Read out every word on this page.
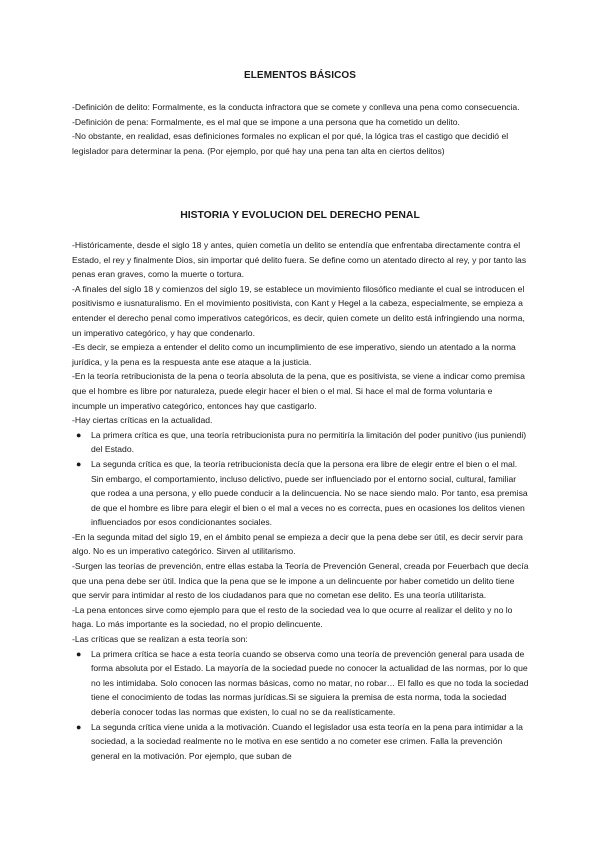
ELEMENTOS BÁSICOS

-Definición de delito: Formalmente, es la conducta infractora que se comete y conlleva una pena como consecuencia.

-Definición de pena: Formalmente, es el mal que se impone a una persona que ha cometido un delito.

-No obstante, en realidad, esas definiciones formales no explican el por qué, la lógica tras el castigo que decidió el legislador para determinar la pena. (Por ejemplo, por qué hay una pena tan alta en ciertos delitos)

HISTORIA Y EVOLUCION DEL DERECHO PENAL

-Históricamente, desde el siglo 18 y antes, quien cometía un delito se entendía que enfrentaba directamente contra el Estado, el rey y finalmente Dios, sin importar qué delito fuera. Se define como un atentado directo al rey, y por tanto las penas eran graves, como la muerte o tortura.

-A finales del siglo 18 y comienzos del siglo 19, se establece un movimiento filosófico mediante el cual se introducen el positivismo e iusnaturalismo. En el movimiento positivista, con Kant y Hegel a la cabeza, especialmente, se empieza a entender el derecho penal como imperativos categóricos, es decir, quien comete un delito está infringiendo una norma, un imperativo categórico, y hay que condenarlo.

-Es decir, se empieza a entender el delito como un incumplimiento de ese imperativo, siendo un atentado a la norma jurídica, y la pena es la respuesta ante ese ataque a la justicia.

-En la teoría retribucionista de la pena o teoría absoluta de la pena, que es positivista, se viene a indicar como premisa que el hombre es libre por naturaleza, puede elegir hacer el bien o el mal. Si hace el mal de forma voluntaria e incumple un imperativo categórico, entonces hay que castigarlo.

-Hay ciertas críticas en la actualidad.

● La primera crítica es que, una teoría retribucionista pura no permitiría la limitación del poder punitivo (ius puniendi) del Estado.
● La segunda crítica es que, la teoría retribucionista decía que la persona era libre de elegir entre el bien o el mal. Sin embargo, el comportamiento, incluso delictivo, puede ser influenciado por el entorno social, cultural, familiar que rodea a una persona, y ello puede conducir a la delincuencia. No se nace siendo malo. Por tanto, esa premisa de que el hombre es libre para elegir el bien o el mal a veces no es correcta, pues en ocasiones los delitos vienen influenciados por esos condicionantes sociales.

-En la segunda mitad del siglo 19, en el ámbito penal se empieza a decir que la pena debe ser útil, es decir servir para algo. No es un imperativo categórico. Sirven al utilitarismo.

-Surgen las teorías de prevención, entre ellas estaba la Teoría de Prevención General, creada por Feuerbach que decía que una pena debe ser útil. Indica que la pena que se le impone a un delincuente por haber cometido un delito tiene que servir para intimidar al resto de los ciudadanos para que no cometan ese delito. Es una teoría utilitarista.

-La pena entonces sirve como ejemplo para que el resto de la sociedad vea lo que ocurre al realizar el delito y no lo haga. Lo más importante es la sociedad, no el propio delincuente.

-Las críticas que se realizan a esta teoría son:

● La primera crítica se hace a esta teoría cuando se observa como una teoría de prevención general para usada de forma absoluta por el Estado. La mayoría de la sociedad puede no conocer la actualidad de las normas, por lo que no les intimidaba. Solo conocen las normas básicas, como no matar, no robar… El fallo es que no toda la sociedad tiene el conocimiento de todas las normas jurídicas.Si se siguiera la premisa de esta norma, toda la sociedad debería conocer todas las normas que existen, lo cual no se da realísticamente.
● La segunda crítica viene unida a la motivación. Cuando el legislador usa esta teoría en la pena para intimidar a la sociedad, a la sociedad realmente no le motiva en ese sentido a no cometer ese crimen. Falla la prevención general en la motivación. Por ejemplo, que suban de
